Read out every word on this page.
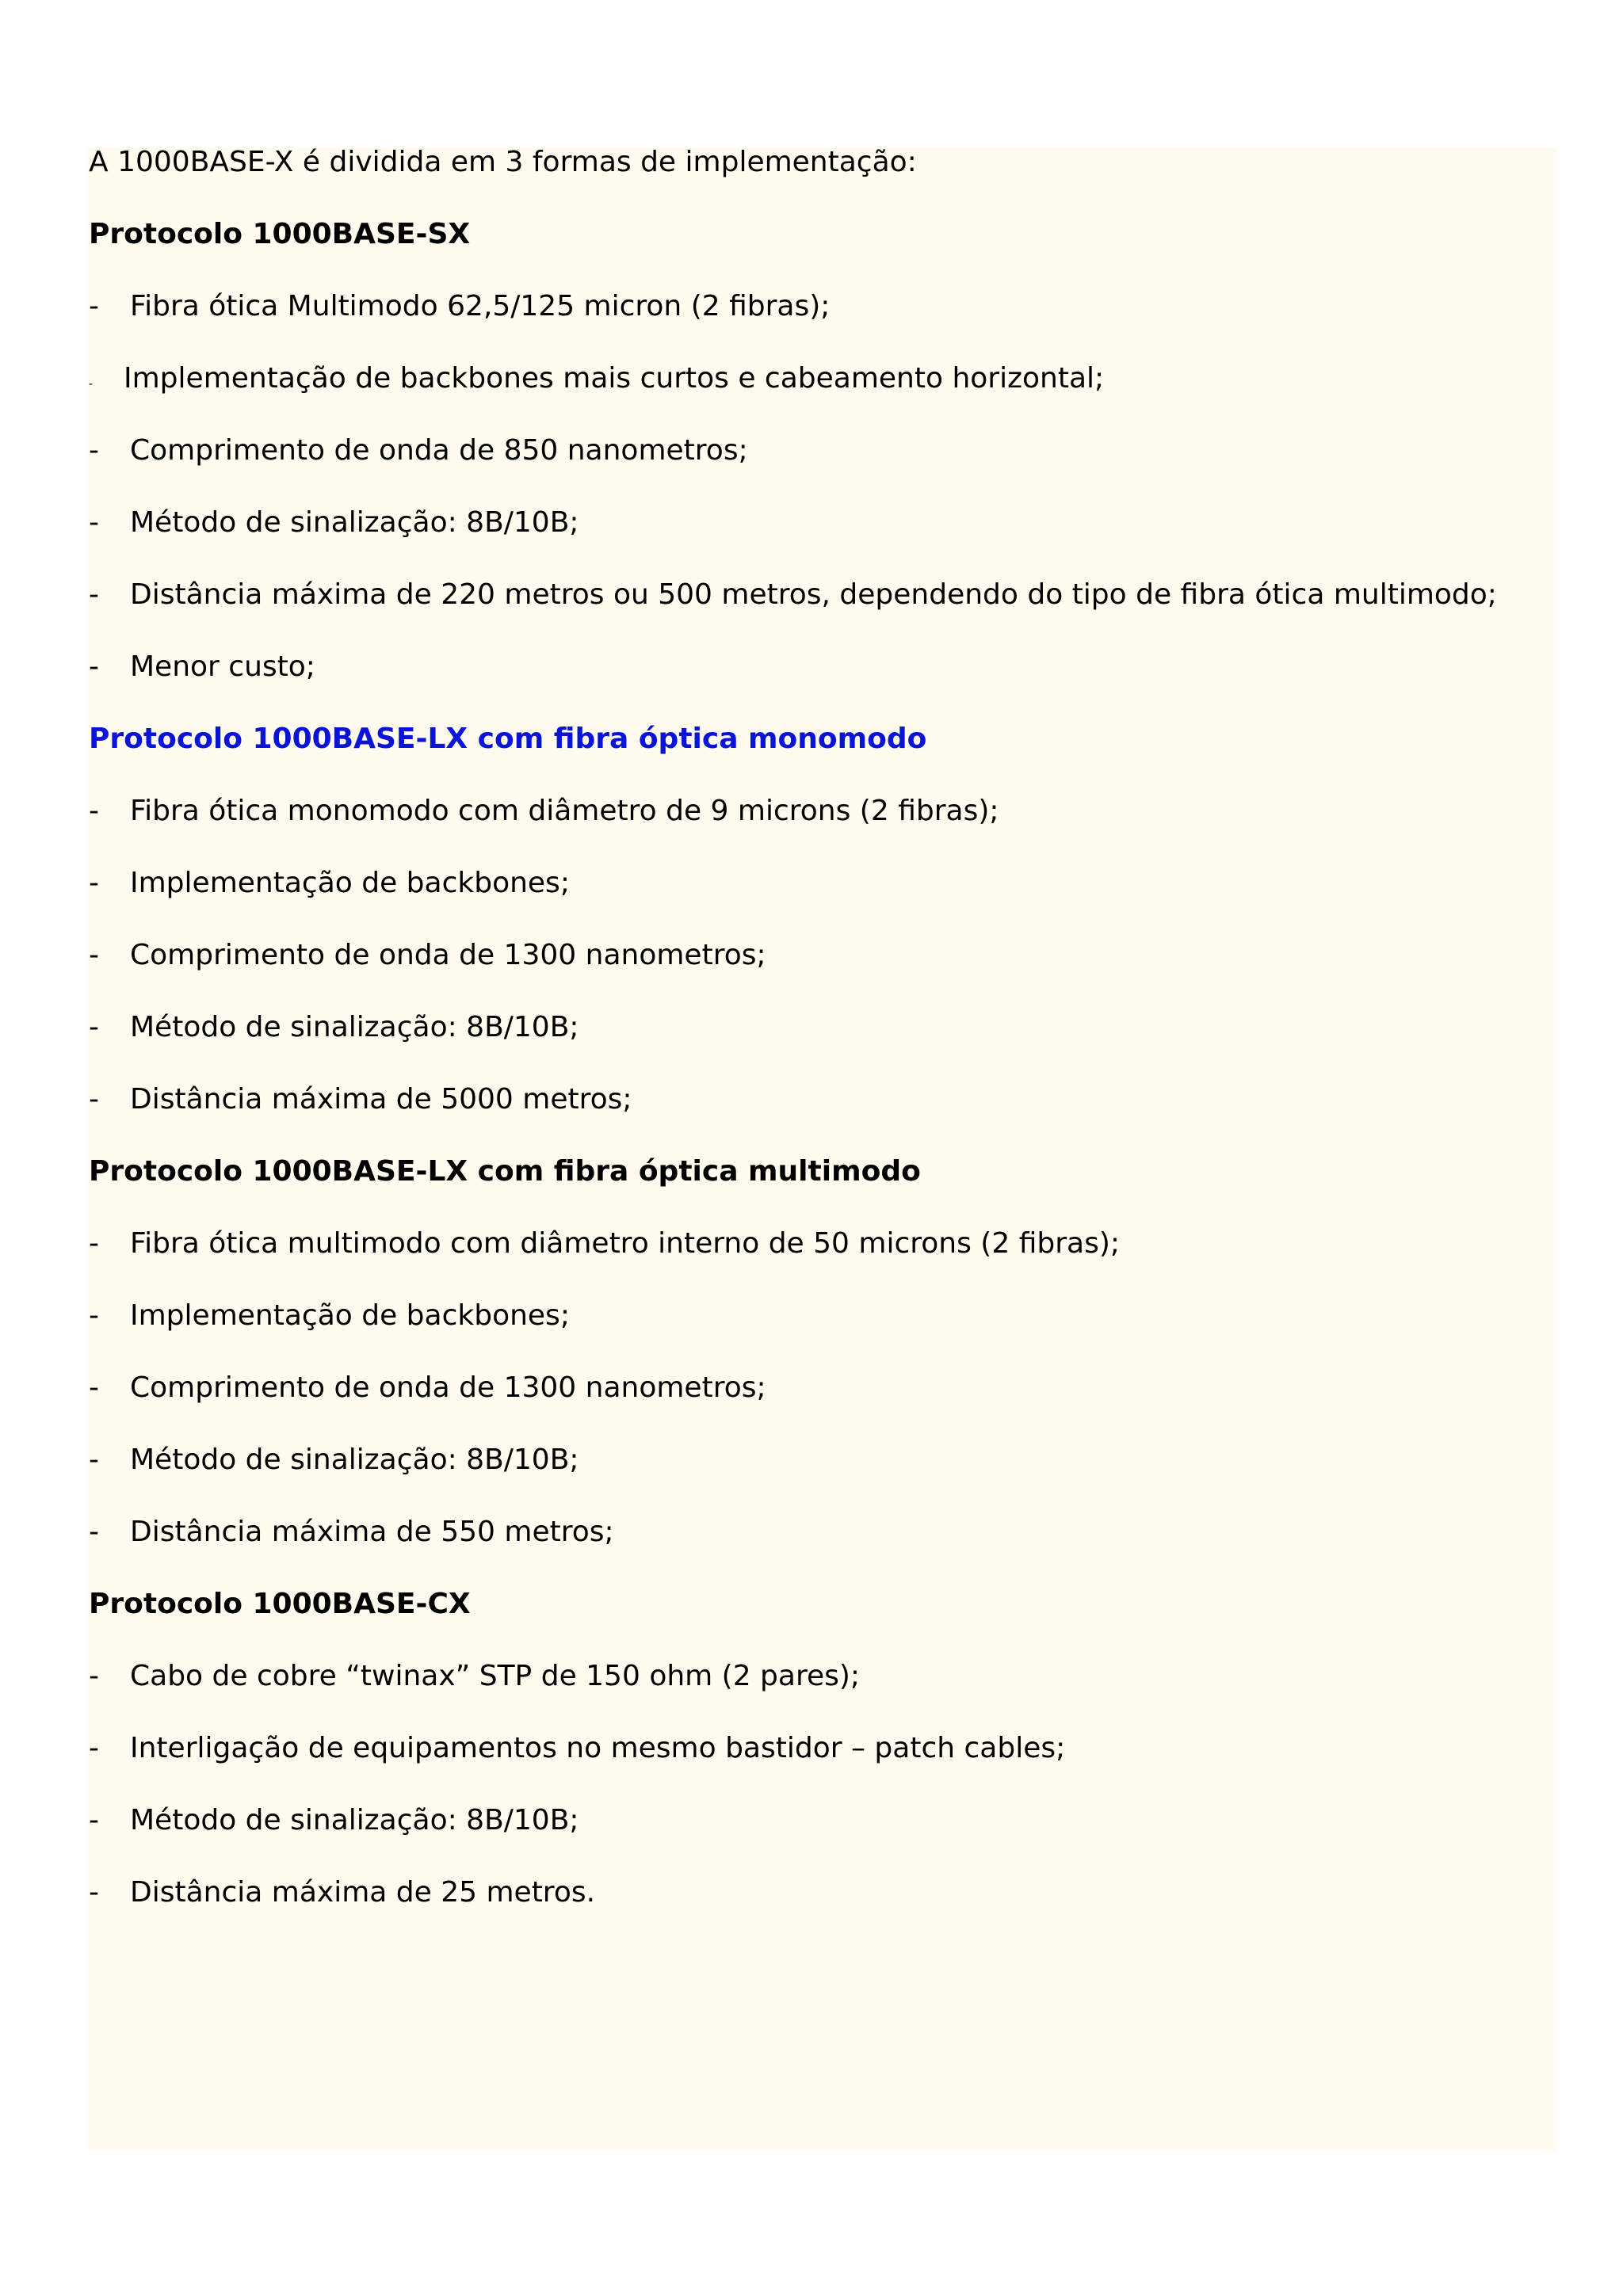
A 1000BASE-X é dividida em 3 formas de implementação:
Protocolo 1000BASE-SX
- Fibra ótica Multimodo 62,5/125 micron (2 fibras);
- Implementação de backbones mais curtos e cabeamento horizontal;
- Comprimento de onda de 850 nanometros;
- Método de sinalização: 8B/10B;
- Distância máxima de 220 metros ou 500 metros, dependendo do tipo de fibra ótica multimodo;
- Menor custo;
Protocolo 1000BASE-LX com fibra óptica monomodo
- Fibra ótica monomodo com diâmetro de 9 microns (2 fibras);
- Implementação de backbones;
- Comprimento de onda de 1300 nanometros;
- Método de sinalização: 8B/10B;
- Distância máxima de 5000 metros;
Protocolo 1000BASE-LX com fibra óptica multimodo
- Fibra ótica multimodo com diâmetro interno de 50 microns (2 fibras);
- Implementação de backbones;
- Comprimento de onda de 1300 nanometros;
- Método de sinalização: 8B/10B;
- Distância máxima de 550 metros;
Protocolo 1000BASE-CX
- Cabo de cobre “twinax” STP de 150 ohm (2 pares);
- Interligação de equipamentos no mesmo bastidor – patch cables;
- Método de sinalização: 8B/10B;
- Distância máxima de 25 metros.
